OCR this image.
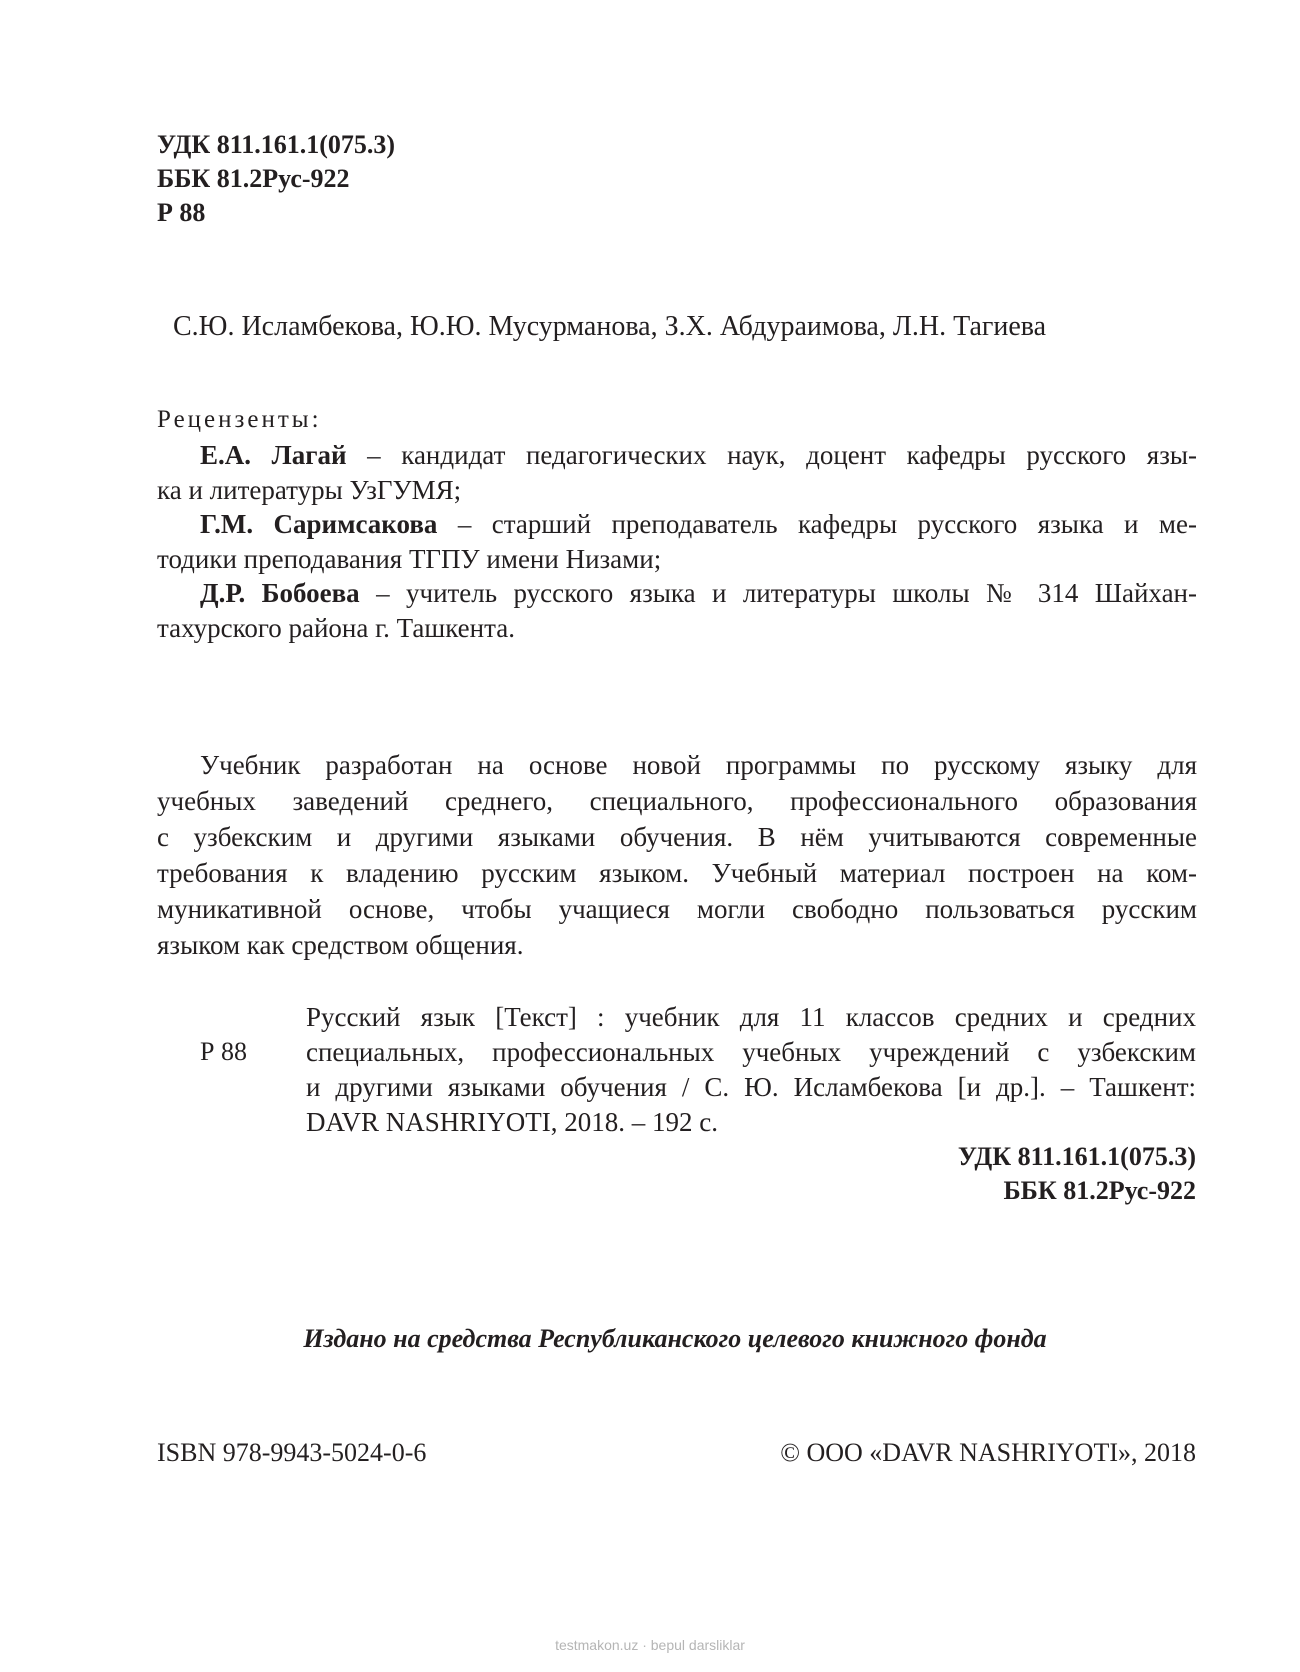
УДК 811.161.1(075.3)
ББК 81.2Рус-922
Р 88
С.Ю. Исламбекова, Ю.Ю. Мусурманова, З.Х. Абдураимова, Л.Н. Тагиева
Рецензенты:
Е.А. Лагай – кандидат педагогических наук, доцент кафедры русского язы-
ка и литературы УзГУМЯ;
Г.М. Саримсакова – старший преподаватель кафедры русского языка и ме-
тодики преподавания ТГПУ имени Низами;
Д.Р. Бобоева – учитель русского языка и литературы школы № 314 Шайхан-
тахурского района г. Ташкента.
Учебник разработан на основе новой программы по русскому языку для
учебных заведений среднего, специального, профессионального образования
с узбекским и другими языками обучения. В нём учитываются современные
требования к владению русским языком. Учебный материал построен на ком-
муникативной основе, чтобы учащиеся могли свободно пользоваться русским
языком как средством общения.
Р 88
Русский язык [Текст] : учебник для 11 классов средних и средних
специальных, профессиональных учебных учреждений с узбекским
и другими языками обучения / С. Ю. Исламбекова [и др.]. – Ташкент:
DAVR NASHRIYOTI, 2018. – 192 с.
УДК 811.161.1(075.3)
ББК 81.2Рус-922
Издано на средства Республиканского целевого книжного фонда
ISBN 978-9943-5024-0-6	© ООО «DAVR NASHRIYOTI», 2018
testmakon.uz · bepul darsliklar
